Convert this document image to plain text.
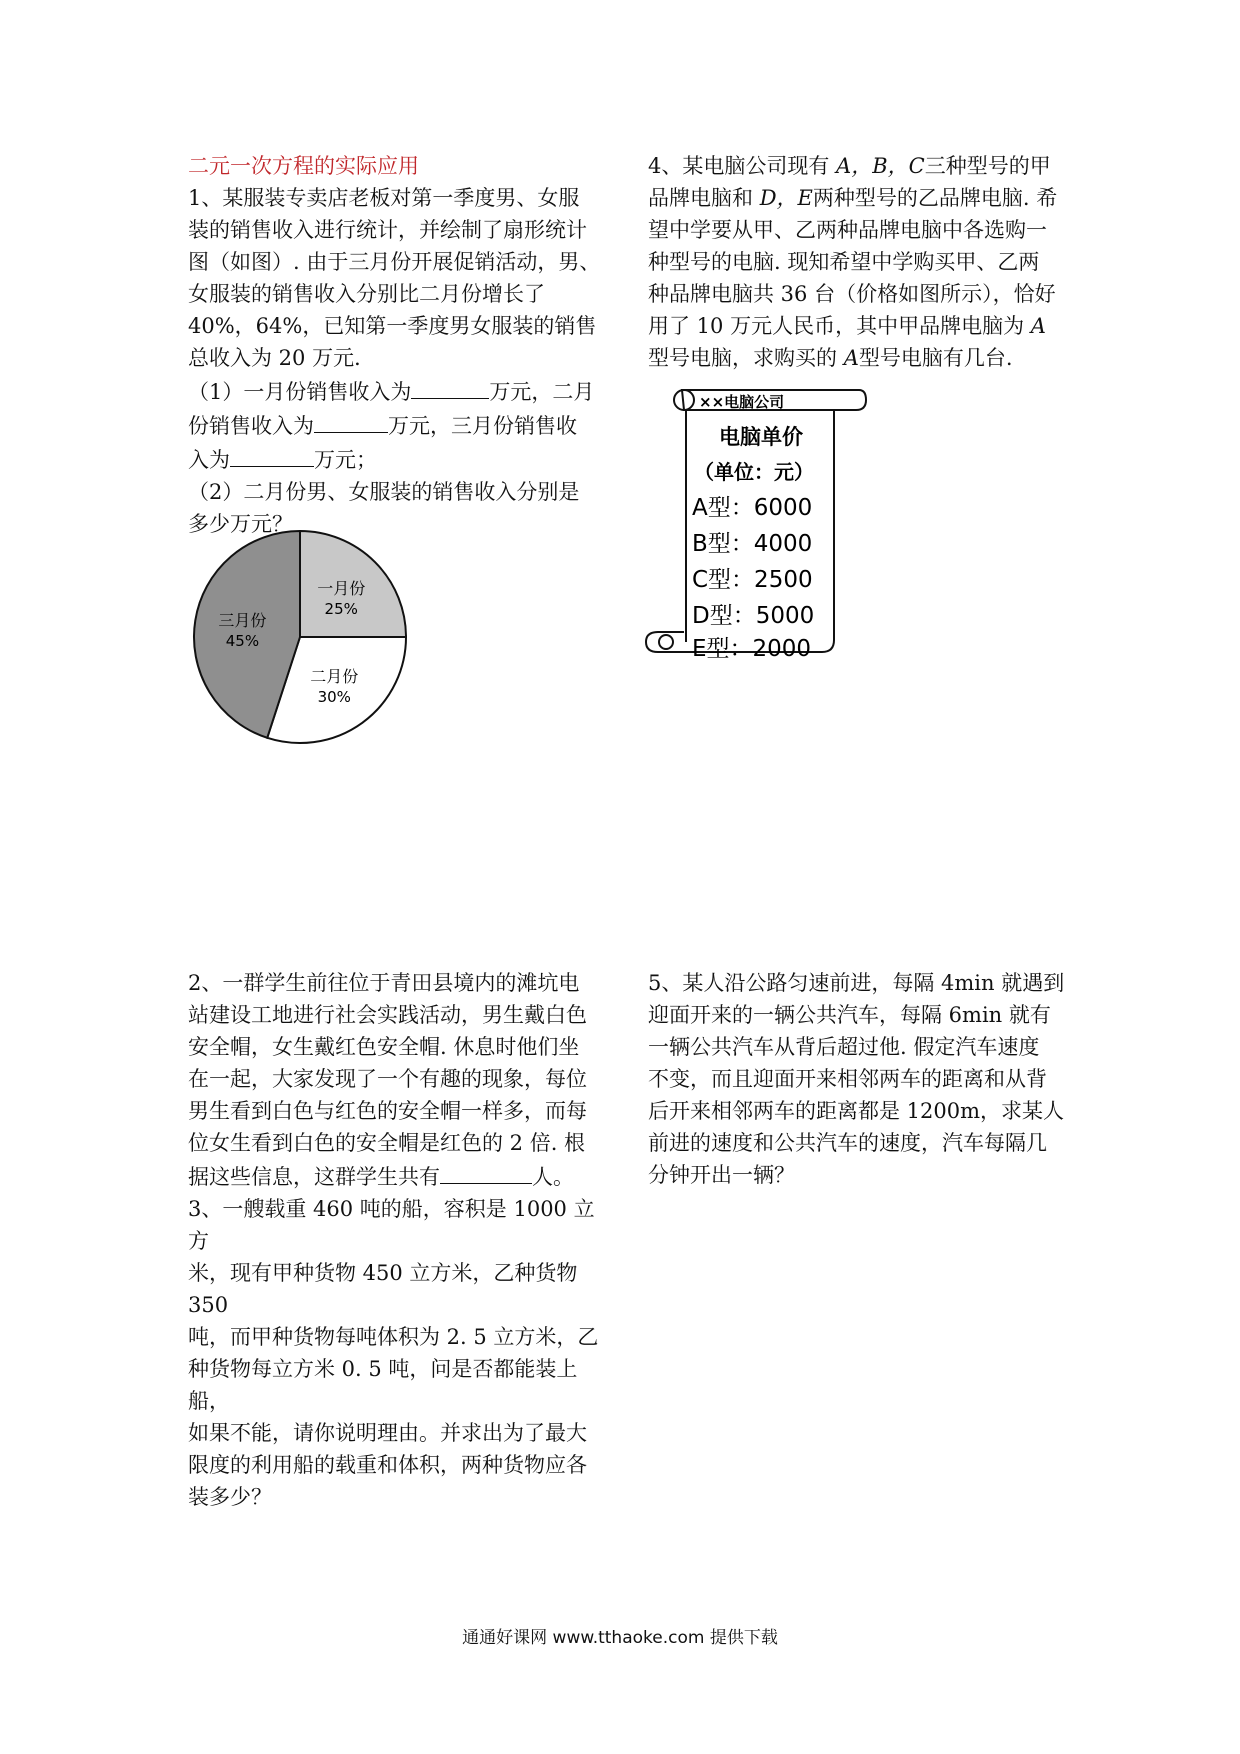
二元一次方程的实际应用

1、某服装专卖店老板对第一季度男、女服

装的销售收入进行统计，并绘制了扇形统计

图（如图）. 由于三月份开展促销活动，男、

女服装的销售收入分别比二月份增长了

40%，64%，已知第一季度男女服装的销售

总收入为 20 万元．

（1）一月份销售收入为	万元，二月

份销售收入为	万元，三月份销售收

入为	万元；

（2）二月份男、女服装的销售收入分别是

多少万元？

一月份
25%
二月份
30%
三月份
45%

4、某电脑公司现有 A，B，C三种型号的甲

品牌电脑和 D，E两种型号的乙品牌电脑. 希

望中学要从甲、乙两种品牌电脑中各选购一

种型号的电脑. 现知希望中学购买甲、乙两

种品牌电脑共 36 台（价格如图所示），恰好

用了 10 万元人民币，其中甲品牌电脑为 A

型号电脑，求购买的 A型号电脑有几台.

××电脑公司
电脑单价
（单位：元）
A型：6000
B型：4000
C型：2500
D型：5000
E型：2000

2、一群学生前往位于青田县境内的滩坑电

站建设工地进行社会实践活动，男生戴白色

安全帽，女生戴红色安全帽. 休息时他们坐

在一起，大家发现了一个有趣的现象，每位

男生看到白色与红色的安全帽一样多，而每

位女生看到白色的安全帽是红色的 2 倍. 根

据这些信息，这群学生共有	人。

3、一艘载重 460 吨的船，容积是 1000 立方

米，现有甲种货物 450 立方米，乙种货物 350

吨，而甲种货物每吨体积为 2. 5 立方米，乙

种货物每立方米 0. 5 吨，问是否都能装上船，

如果不能，请你说明理由。并求出为了最大

限度的利用船的载重和体积，两种货物应各

装多少？

5、某人沿公路匀速前进，每隔 4min 就遇到

迎面开来的一辆公共汽车，每隔 6min 就有

一辆公共汽车从背后超过他. 假定汽车速度

不变，而且迎面开来相邻两车的距离和从背

后开来相邻两车的距离都是 1200m，求某人

前进的速度和公共汽车的速度，汽车每隔几

分钟开出一辆？

通通好课网 www.tthaoke.com 提供下载
